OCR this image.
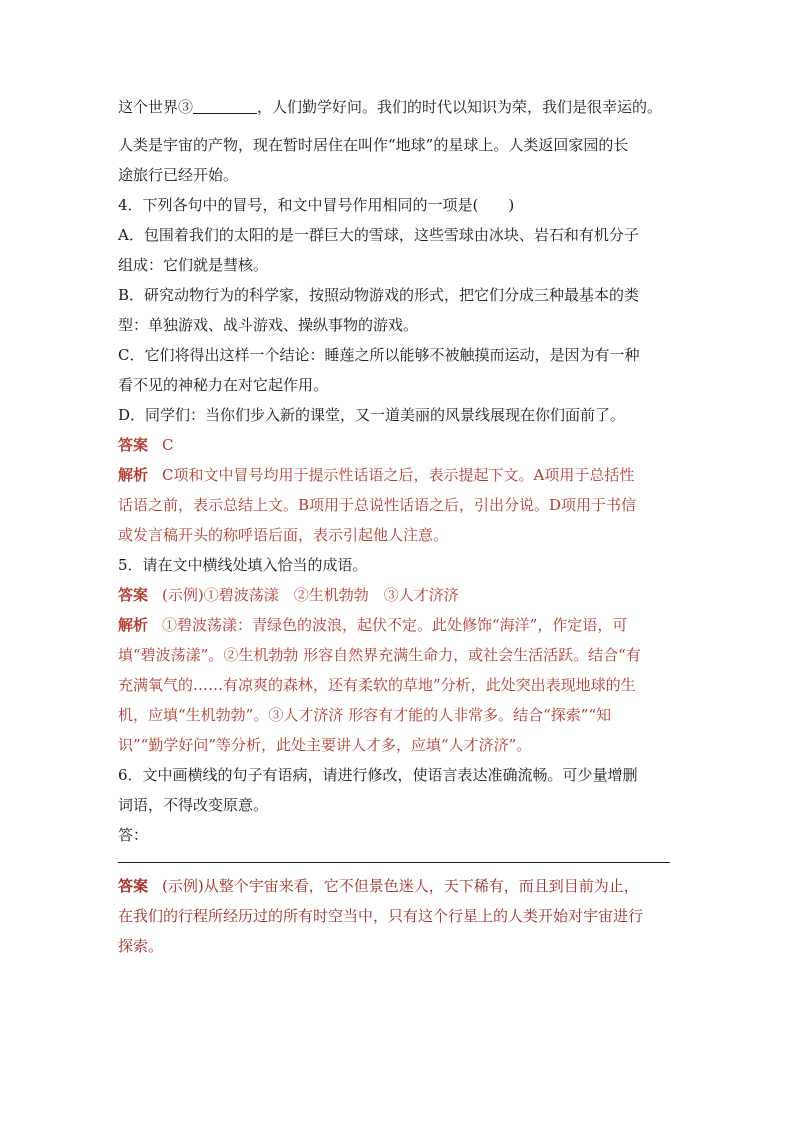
这个世界③	，人们勤学好问。我们的时代以知识为荣，我们是很幸运的。
人类是宇宙的产物，现在暂时居住在叫作“地球”的星球上。人类返回家园的长
途旅行已经开始。
4．下列各句中的冒号，和文中冒号作用相同的一项是(　　)
A．包围着我们的太阳的是一群巨大的雪球，这些雪球由冰块、岩石和有机分子
组成：它们就是彗核。
B．研究动物行为的科学家，按照动物游戏的形式，把它们分成三种最基本的类
型：单独游戏、战斗游戏、操纵事物的游戏。
C．它们将得出这样一个结论：睡莲之所以能够不被触摸而运动，是因为有一种
看不见的神秘力在对它起作用。
D．同学们：当你们步入新的课堂，又一道美丽的风景线展现在你们面前了。
答案 C
解析 C项和文中冒号均用于提示性话语之后，表示提起下文。A项用于总括性
话语之前，表示总结上文。B项用于总说性话语之后，引出分说。D项用于书信
或发言稿开头的称呼语后面，表示引起他人注意。
5．请在文中横线处填入恰当的成语。
答案 (示例)①碧波荡漾　②生机勃勃　③人才济济
解析 ①碧波荡漾：青绿色的波浪，起伏不定。此处修饰“海洋”，作定语，可
填“碧波荡漾”。②生机勃勃 形容自然界充满生命力，或社会生活活跃。结合“有
充满氧气的……有凉爽的森林，还有柔软的草地”分析，此处突出表现地球的生
机，应填“生机勃勃”。③人才济济 形容有才能的人非常多。结合“探索”“知
识”“勤学好问”等分析，此处主要讲人才多，应填“人才济济”。
6．文中画横线的句子有语病，请进行修改，使语言表达准确流畅。可少量增删
词语，不得改变原意。
答：
答案 (示例)从整个宇宙来看，它不但景色迷人，天下稀有，而且到目前为止，
在我们的行程所经历过的所有时空当中，只有这个行星上的人类开始对宇宙进行
探索。
